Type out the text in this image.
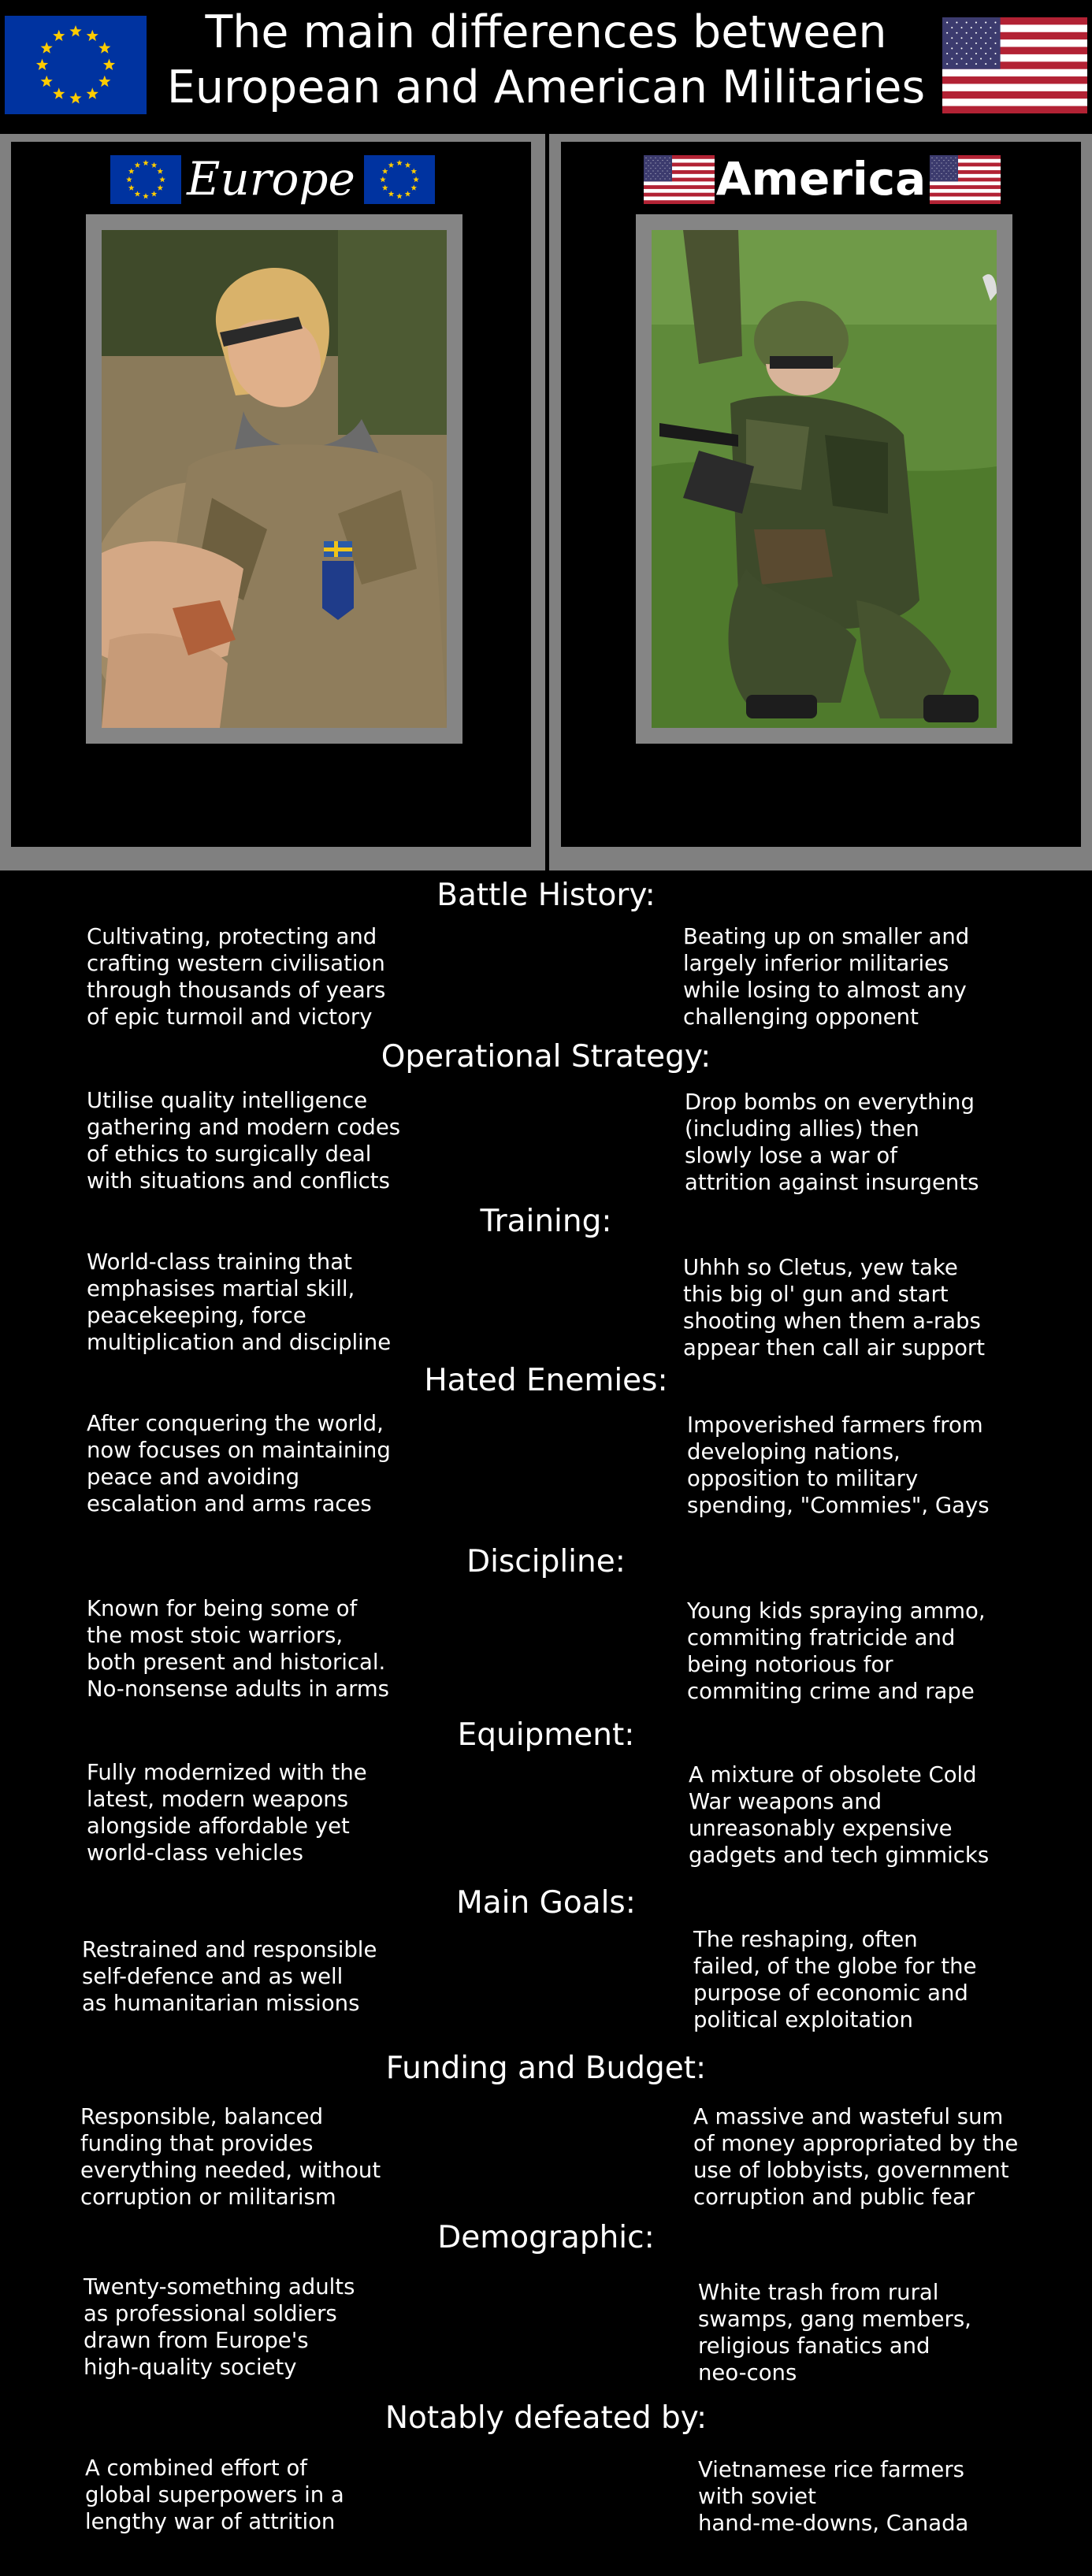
The main differences between
European and American Militaries
Europe	America
Battle History:
Cultivating, protecting and
crafting western civilisation
through thousands of years
of epic turmoil and victory
Beating up on smaller and
largely inferior militaries
while losing to almost any
challenging opponent
Operational Strategy:
Utilise quality intelligence
gathering and modern codes
of ethics to surgically deal
with situations and conflicts
Drop bombs on everything
(including allies) then
slowly lose a war of
attrition against insurgents
Training:
World-class training that
emphasises martial skill,
peacekeeping, force
multiplication and discipline
Uhhh so Cletus, yew take
this big ol' gun and start
shooting when them a-rabs
appear then call air support
Hated Enemies:
After conquering the world,
now focuses on maintaining
peace and avoiding
escalation and arms races
Impoverished farmers from
developing nations,
opposition to military
spending, "Commies", Gays
Discipline:
Known for being some of
the most stoic warriors,
both present and historical.
No-nonsense adults in arms
Young kids spraying ammo,
commiting fratricide and
being notorious for
commiting crime and rape
Equipment:
Fully modernized with the
latest, modern weapons
alongside affordable yet
world-class vehicles
A mixture of obsolete Cold
War weapons and
unreasonably expensive
gadgets and tech gimmicks
Main Goals:
Restrained and responsible
self-defence and as well
as humanitarian missions
The reshaping, often
failed, of the globe for the
purpose of economic and
political exploitation
Funding and Budget:
Responsible, balanced
funding that provides
everything needed, without
corruption or militarism
A massive and wasteful sum
of money appropriated by the
use of lobbyists, government
corruption and public fear
Demographic:
Twenty-something adults
as professional soldiers
drawn from Europe's
high-quality society
White trash from rural
swamps, gang members,
religious fanatics and
neo-cons
Notably defeated by:
A combined effort of
global superpowers in a
lengthy war of attrition
Vietnamese rice farmers
with soviet
hand-me-downs, Canada
